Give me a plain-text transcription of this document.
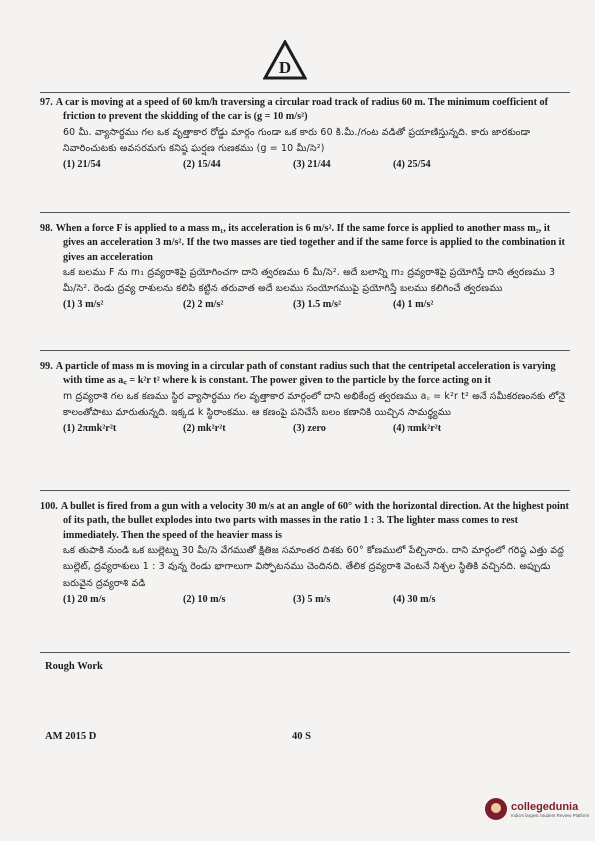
D
97. A car is moving at a speed of 60 km/h traversing a circular road track of radius 60 m. The minimum coefficient of friction to prevent the skidding of the car is (g = 10 m/s²)
60 మీ. వ్యాసార్ధము గల ఒక వృత్తాకార రోడ్డు మార్గం గుండా ఒక కారు 60 కి.మీ./గంట వడితో ప్రయాణిస్తున్నది. కారు జారకుండా నివారించుటకు అవసరమగు కనిష్ఠ ఘర్షణ గుణకము (g = 10 మీ/సె²)
(1) 21/54	(2) 15/44	(3) 21/44	(4) 25/54
98. When a force F is applied to a mass m₁, its acceleration is 6 m/s². If the same force is applied to another mass m₂, it gives an acceleration 3 m/s². If the two masses are tied together and if the same force is applied to the combination it gives an acceleration
ఒక బలము F ను m₁ ద్రవ్యరాశిపై ప్రయోగించగా దాని త్వరణము 6 మీ/సె². అదే బలాన్ని m₂ ద్రవ్యరాశిపై ప్రయోగిస్తే దాని త్వరణము 3 మీ/సె². రెండు ద్రవ్య రాశులను కలిపి కట్టిన తరువాత అదే బలము సంయోగముపై ప్రయోగిస్తే బలము కలిగించే త్వరణము
(1) 3 m/s²	(2) 2 m/s²	(3) 1.5 m/s²	(4) 1 m/s²
99. A particle of mass m is moving in a circular path of constant radius such that the centripetal acceleration is varying with time as a꜀ = k²r t² where k is constant. The power given to the particle by the force acting on it
m ద్రవ్యరాశి గల ఒక కణము స్థిర వ్యాసార్ధము గల వృత్తాకార మార్గంలో దాని అభికేంద్ర త్వరణము a꜀ = k²r t² అనే సమీకరణంనకు లోనై కాలంతోపాటు మారుతున్నది. ఇక్కడ k స్థిరాంకము. ఆ కణంపై పనిచేసే బలం కణానికి యిచ్చిన సామర్థ్యము
(1) 2πmk²r²t	(2) mk²r²t	(3) zero	(4) πmk²r²t
100. A bullet is fired from a gun with a velocity 30 m/s at an angle of 60° with the horizontal direction. At the highest point of its path, the bullet explodes into two parts with masses in the ratio 1 : 3. The lighter mass comes to rest immediately. Then the speed of the heavier mass is
ఒక తుపాకి నుండి ఒక బుల్లెట్ను 30 మీ/సె వేగముతో క్షితిజ సమాంతర దిశకు 60° కోణములో పేల్చినారు. దాని మార్గంలో గరిష్ఠ ఎత్తు వద్ద బుల్లెట్, ద్రవ్యరాశులు 1 : 3 వున్న రెండు భాగాలుగా విస్ఫోటనము చెందినది. తేలిక ద్రవ్యరాశి వెంటనే నిశ్చల స్థితికి వచ్చినది. అప్పుడు బరువైన ద్రవ్యరాశి వడి
(1) 20 m/s	(2) 10 m/s	(3) 5 m/s	(4) 30 m/s
Rough Work
AM 2015 D	40 S
collegedunia
India's largest Student Review Platform
